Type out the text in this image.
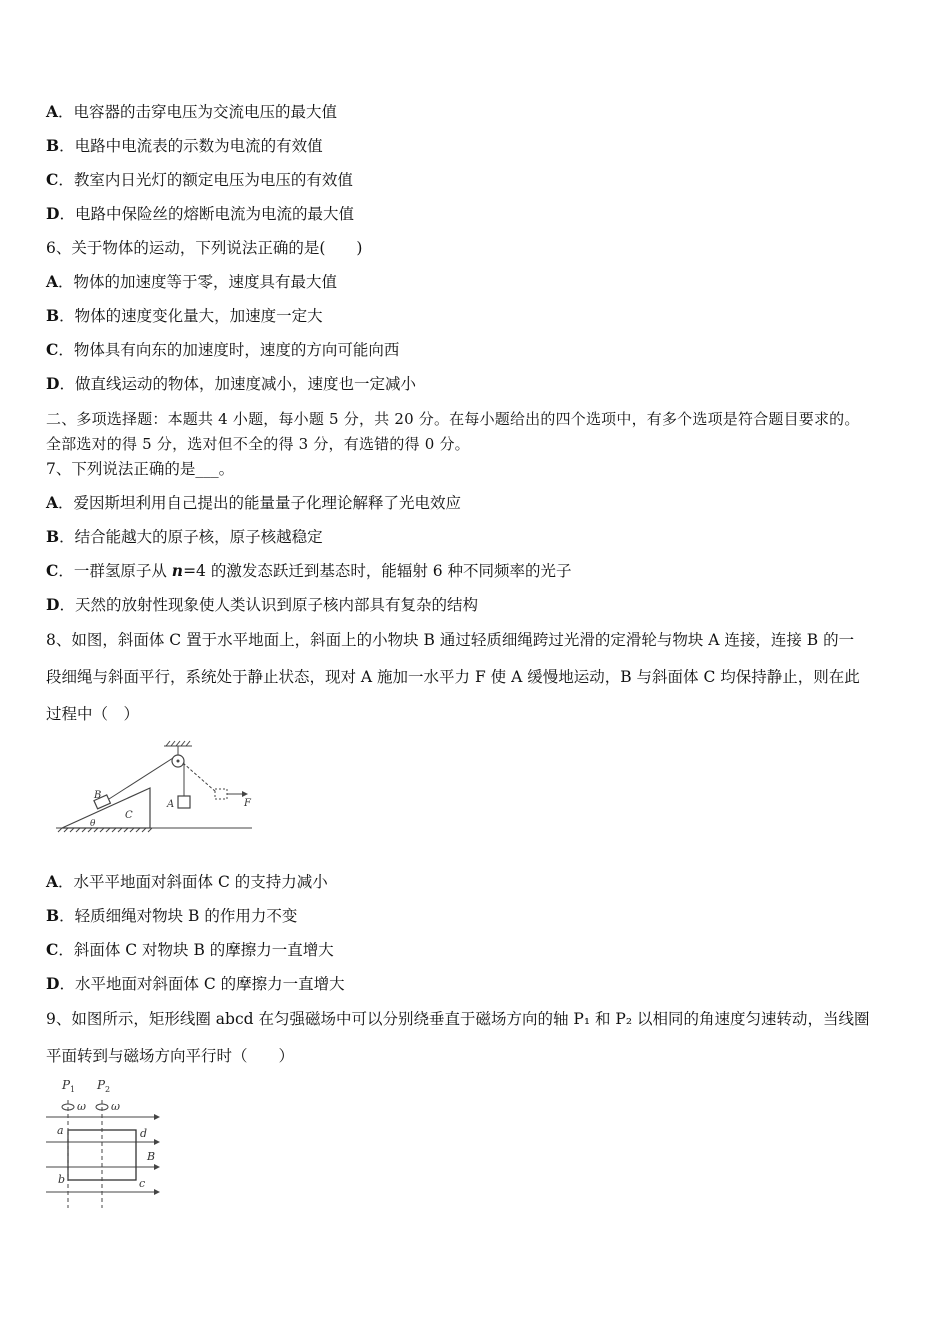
A．电容器的击穿电压为交流电压的最大值
B．电路中电流表的示数为电流的有效值
C．教室内日光灯的额定电压为电压的有效值
D．电路中保险丝的熔断电流为电流的最大值
6、关于物体的运动，下列说法正确的是(　　)
A．物体的加速度等于零，速度具有最大值
B．物体的速度变化量大，加速度一定大
C．物体具有向东的加速度时，速度的方向可能向西
D．做直线运动的物体，加速度减小，速度也一定减小
二、多项选择题：本题共 4 小题，每小题 5 分，共 20 分。在每小题给出的四个选项中，有多个选项是符合题目要求的。
全部选对的得 5 分，选对但不全的得 3 分，有选错的得 0 分。
7、下列说法正确的是___。
A．爱因斯坦利用自己提出的能量量子化理论解释了光电效应
B．结合能越大的原子核，原子核越稳定
C．一群氢原子从 n=4 的激发态跃迁到基态时，能辐射 6 种不同频率的光子
D．天然的放射性现象使人类认识到原子核内部具有复杂的结构
8、如图，斜面体 C 置于水平地面上，斜面上的小物块 B 通过轻质细绳跨过光滑的定滑轮与物块 A 连接，连接 B 的一
段细绳与斜面平行，系统处于静止状态，现对 A 施加一水平力 F 使 A 缓慢地运动，B 与斜面体 C 均保持静止，则在此
过程中（　）
B
C
A	F
θ
A．水平平地面对斜面体 C 的支持力减小
B．轻质细绳对物块 B 的作用力不变
C．斜面体 C 对物块 B 的摩擦力一直增大
D．水平地面对斜面体 C 的摩擦力一直增大
9、如图所示，矩形线圈 abcd 在匀强磁场中可以分别绕垂直于磁场方向的轴 P₁ 和 P₂ 以相同的角速度匀速转动，当线圈
平面转到与磁场方向平行时（　　）
P 1 P 2
ω ω
a	d
b	c
B
